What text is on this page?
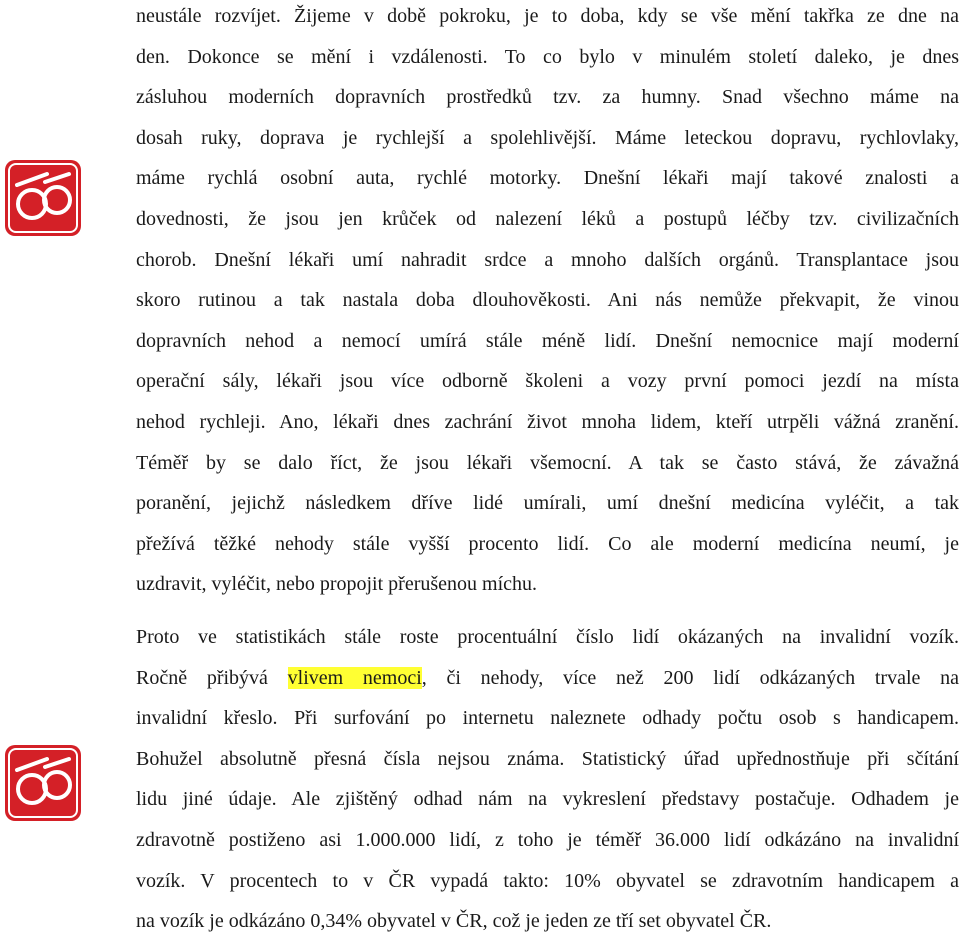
neustále rozvíjet. Žijeme v době pokroku, je to doba, kdy se vše mění takřka ze dne na
den. Dokonce se mění i vzdálenosti. To co bylo v minulém století daleko, je dnes
zásluhou moderních dopravních prostředků tzv. za humny. Snad všechno máme na
dosah ruky, doprava je rychlejší a spolehlivější. Máme leteckou dopravu, rychlovlaky,
máme rychlá osobní auta, rychlé motorky. Dnešní lékaři mají takové znalosti a
dovednosti, že jsou jen krůček od nalezení léků a postupů léčby tzv. civilizačních
chorob. Dnešní lékaři umí nahradit srdce a mnoho dalších orgánů. Transplantace jsou
skoro rutinou a tak nastala doba dlouhověkosti. Ani nás nemůže překvapit, že vinou
dopravních nehod a nemocí umírá stále méně lidí. Dnešní nemocnice mají moderní
operační sály, lékaři jsou více odborně školeni a vozy první pomoci jezdí na místa
nehod rychleji. Ano, lékaři dnes zachrání život mnoha lidem, kteří utrpěli vážná zranění.
Téměř by se dalo říct, že jsou lékaři všemocní. A tak se často stává, že závažná
poranění, jejichž následkem dříve lidé umírali, umí dnešní medicína vyléčit, a tak
přežívá těžké nehody stále vyšší procento lidí. Co ale moderní medicína neumí, je
uzdravit, vyléčit, nebo propojit přerušenou míchu.

Proto ve statistikách stále roste procentuální číslo lidí okázaných na invalidní vozík.
Ročně přibývá vlivem nemoci, či nehody, více než 200 lidí odkázaných trvale na
invalidní křeslo. Při surfování po internetu naleznete odhady počtu osob s handicapem.
Bohužel absolutně přesná čísla nejsou známa. Statistický úřad upřednostňuje při sčítání
lidu jiné údaje. Ale zjištěný odhad nám na vykreslení představy postačuje. Odhadem je
zdravotně postiženo asi 1.000.000 lidí, z toho je téměř 36.000 lidí odkázáno na invalidní
vozík. V procentech to v ČR vypadá takto: 10% obyvatel se zdravotním handicapem a
na vozík je odkázáno 0,34% obyvatel v ČR, což je jeden ze tří set obyvatel ČR.
